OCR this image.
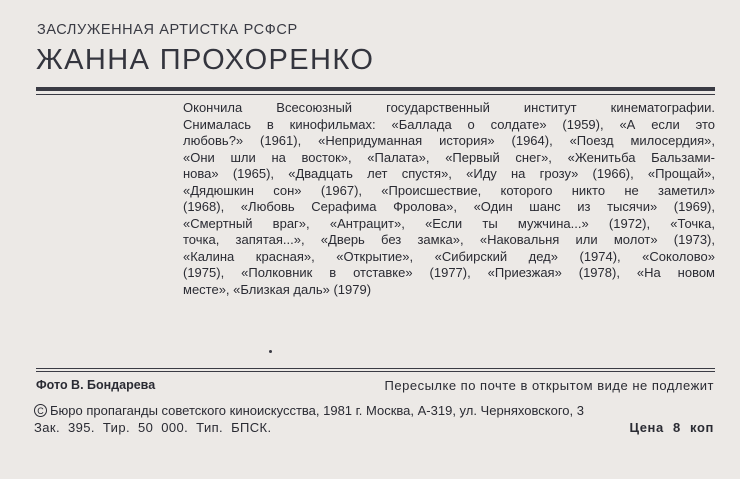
ЗАСЛУЖЕННАЯ АРТИСТКА РСФСР
ЖАННА ПРОХОРЕНКО

Окончила Всесоюзный государственный институт кинематографии.

Снималась в кинофильмах: «Баллада о солдате» (1959), «А если это

любовь?» (1961), «Непридуманная история» (1964), «Поезд милосердия»,

«Они шли на восток», «Палата», «Первый снег», «Женитьба Бальзами-

нова» (1965), «Двадцать лет спустя», «Иду на грозу» (1966), «Прощай»,

«Дядюшкин сон» (1967), «Происшествие, которого никто не заметил»

(1968), «Любовь Серафима Фролова», «Один шанс из тысячи» (1969),

«Смертный враг», «Антрацит», «Если ты мужчина...» (1972), «Точка,

точка, запятая...», «Дверь без замка», «Наковальня или молот» (1973),

«Калина красная», «Открытие», «Сибирский дед» (1974), «Соколово»

(1975), «Полковник в отставке» (1977), «Приезжая» (1978), «На новом

месте», «Близкая даль» (1979)

Фото В. Бондарева	Пересылке по почте в открытом виде не подлежит
С Бюро пропаганды советского киноискусства, 1981 г. Москва, А-319, ул. Черняховского, 3
Зак. 395. Тир. 50 000. Тип. БПСК.	Цена 8 коп
